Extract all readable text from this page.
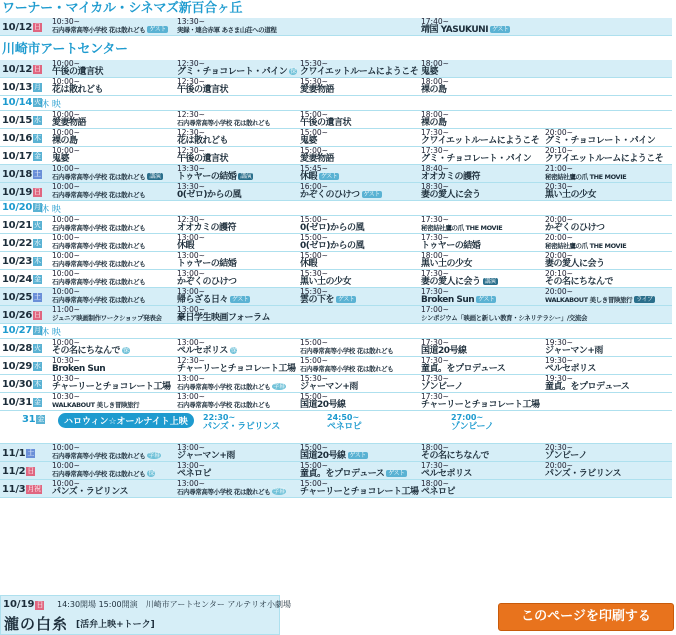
ワーナー・マイカル・シネマズ新百合ヶ丘
10/12 日
10:30~
石内尋常高等小学校 花は散れども ゲスト
13:30~
実録・連合赤軍 あさま山荘への道程
17:40~
靖国 YASUKUNI ゲスト
川崎市アートセンター
10/12 日
10:00~
午後の遺言状
12:30~
グミ・チョコレート・パイン 保
15:30~
クワイエットルームにようこそ
18:00~
鬼婆
10/13 月
10:00~
花は散れども
12:30~
午後の遺言状
15:30~
愛妻物語
18:00~
裸の島
10/14 火 休 映
10/15 水
10:00~
愛妻物語
12:30~
石内尋常高等小学校 花は散れども
15:00~
午後の遺言状
18:00~
裸の島
10/16 木
10:00~
裸の島
12:30~
花は散れども
15:00~
鬼婆
17:30~
クワイエットルームにようこそ
20:00~
グミ・チョコレート・パイン
10/17 金
10:00~
鬼婆
12:30~
午後の遺言状
15:00~
愛妻物語
17:30~
グミ・チョコレート・パイン
20:10~
クワイエットルームにようこそ
10/18 土
10:00~
石内尋常高等小学校 花は散れども 講演
13:30~
トゥヤーの結婚 講演
15:45~
休暇 ゲスト
18:40~
オオカミの護符
21:00~
秘密結社鷹の爪 THE MOVIE
10/19 日
10:00~
石内尋常高等小学校 花は散れども
13:30~
0(ゼロ)からの風
16:00~
かぞくのひけつ ゲスト
18:30~
妻の愛人に会う
20:30~
黒い土の少女
10/20 月 休 映
10/21 火
10:00~
石内尋常高等小学校 花は散れども
12:30~
オオカミの護符
15:00~
0(ゼロ)からの風
17:30~
秘密結社鷹の爪 THE MOVIE
20:00~
かぞくのひけつ
10/22 水
10:00~
石内尋常高等小学校 花は散れども
13:00~
休暇
15:00~
0(ゼロ)からの風
17:30~
トゥヤーの結婚
20:00~
秘密結社鷹の爪 THE MOVIE
10/23 木
10:00~
石内尋常高等小学校 花は散れども
13:00~
トゥヤーの結婚
15:00~
休暇
18:00~
黒い土の少女
20:00~
妻の愛人に会う
10/24 金
10:00~
石内尋常高等小学校 花は散れども
13:00~
かぞくのひけつ
15:30~
黒い土の少女
17:30~
妻の愛人に会う 講演
20:10~
その名にちなんで
10/25 土
10:00~
石内尋常高等小学校 花は散れども
13:00~
帰らざる日々 ゲスト
15:30~
雲の下を ゲスト
17:30~
Broken Sun ゲスト
20:00~
WALKABOUT 美しき冒険旅行 ライブ
10/26 日
11:00~
ジュニア映画制作ワークショップ発表会
13:00~
豪日学生映画フォーラム
17:00~
シンポジウム「映画と新しい教育・シネリテラシー」/交流会
10/27 月 休 映
10/28 火
10:00~
その名にちなんで 保
13:00~
ペルセポリス 保
15:00~
石内尋常高等小学校 花は散れども
17:30~
国道20号線
19:30~
ジャーマン+雨
10/29 水
10:30~
Broken Sun
12:30~
チャーリーとチョコレート工場
15:00~
石内尋常高等小学校 花は散れども
17:30~
童貞。をプロデュース
19:30~
ペルセポリス
10/30 木
10:30~
チャーリーとチョコレート工場
13:00~
石内尋常高等小学校 花は散れども 字幕
15:30~
ジャーマン+雨
17:30~
ゾンビーノ
19:30~
童貞。をプロデュース
10/31 金
10:30~
WALKABOUT 美しき冒険旅行
13:00~
石内尋常高等小学校 花は散れども
15:00~
国道20号線
17:30~
チャーリーとチョコレート工場
31 金	ハロウィン☆オールナイト上映	22:30~
パンズ・ラビリンス
24:50~
ペネロピ
27:00~
ゾンビーノ
11/1 土
10:00~
石内尋常高等小学校 花は散れども 字幕
13:00~
ジャーマン+雨
15:00~
国道20号線 ゲスト
18:00~
その名にちなんで
20:30~
ゾンビーノ
11/2 日
10:00~
石内尋常高等小学校 花は散れども 保
13:00~
ペネロピ
15:00~
童貞。をプロデュース ゲスト
17:30~
ペルセポリス
20:00~
パンズ・ラビリンス
11/3 月祝
10:00~
パンズ・ラビリンス
13:00~
石内尋常高等小学校 花は散れども 字幕
15:00~
チャーリーとチョコレート工場
18:00~
ペネロピ
10/19 日 14:30開場 15:00開演　川崎市アートセンター アルテリオ小劇場
瀧の白糸 [活弁上映+トーク]
このページを印刷する
